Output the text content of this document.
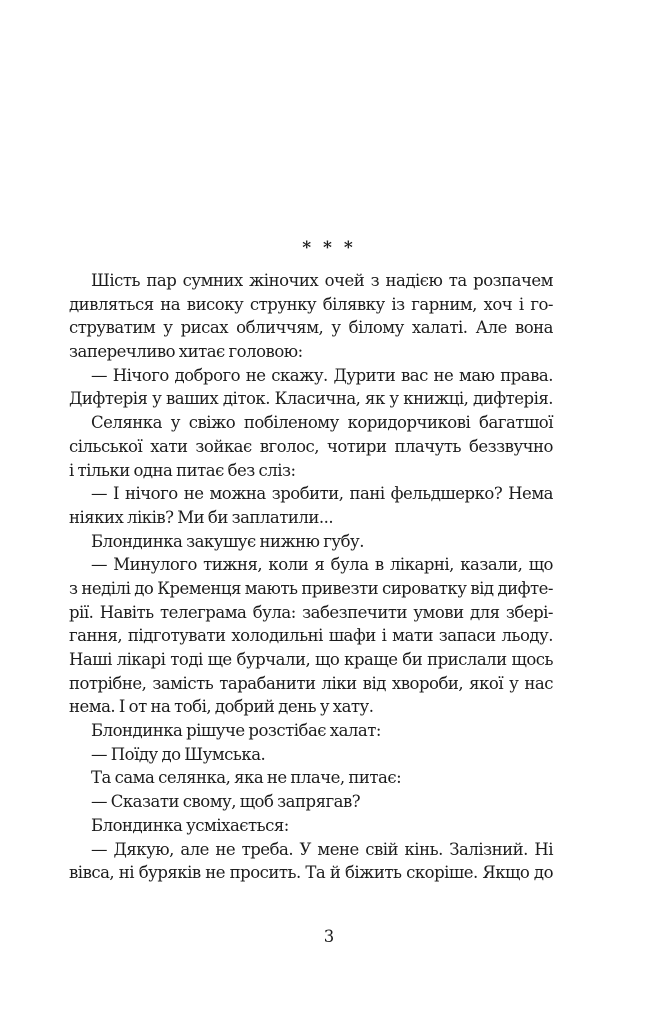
* * *
Шість пар сумних жіночих очей з надією та розпачем
дивляться на високу струнку білявку із гарним, хоч і го-
струватим у рисах обличчям, у білому халаті. Але вона
заперечливо хитає головою:
— Нічого доброго не скажу. Дурити вас не маю права.
Дифтерія у ваших діток. Класична, як у книжці, дифтерія.
Селянка у свіжо побіленому коридорчикові багатшої
сільської хати зойкає вголос, чотири плачуть беззвучно
і тільки одна питає без сліз:
— І нічого не можна зробити, пані фельдшерко? Нема
ніяких ліків? Ми би заплатили...
Блондинка закушує нижню губу.
— Минулого тижня, коли я була в лікарні, казали, що
з неділі до Кременця мають привезти сироватку від дифте-
рії. Навіть телеграма була: забезпечити умови для збері-
гання, підготувати холодильні шафи і мати запаси льоду.
Наші лікарі тоді ще бурчали, що краще би прислали щось
потрібне, замість тарабанити ліки від хвороби, якої у нас
нема. І от на тобі, добрий день у хату.
Блондинка рішуче розстібає халат:
— Поїду до Шумська.
Та сама селянка, яка не плаче, питає:
— Сказати свому, щоб запрягав?
Блондинка усміхається:
— Дякую, але не треба. У мене свій кінь. Залізний. Ні
вівса, ні буряків не просить. Та й біжить скоріше. Якщо до
3
